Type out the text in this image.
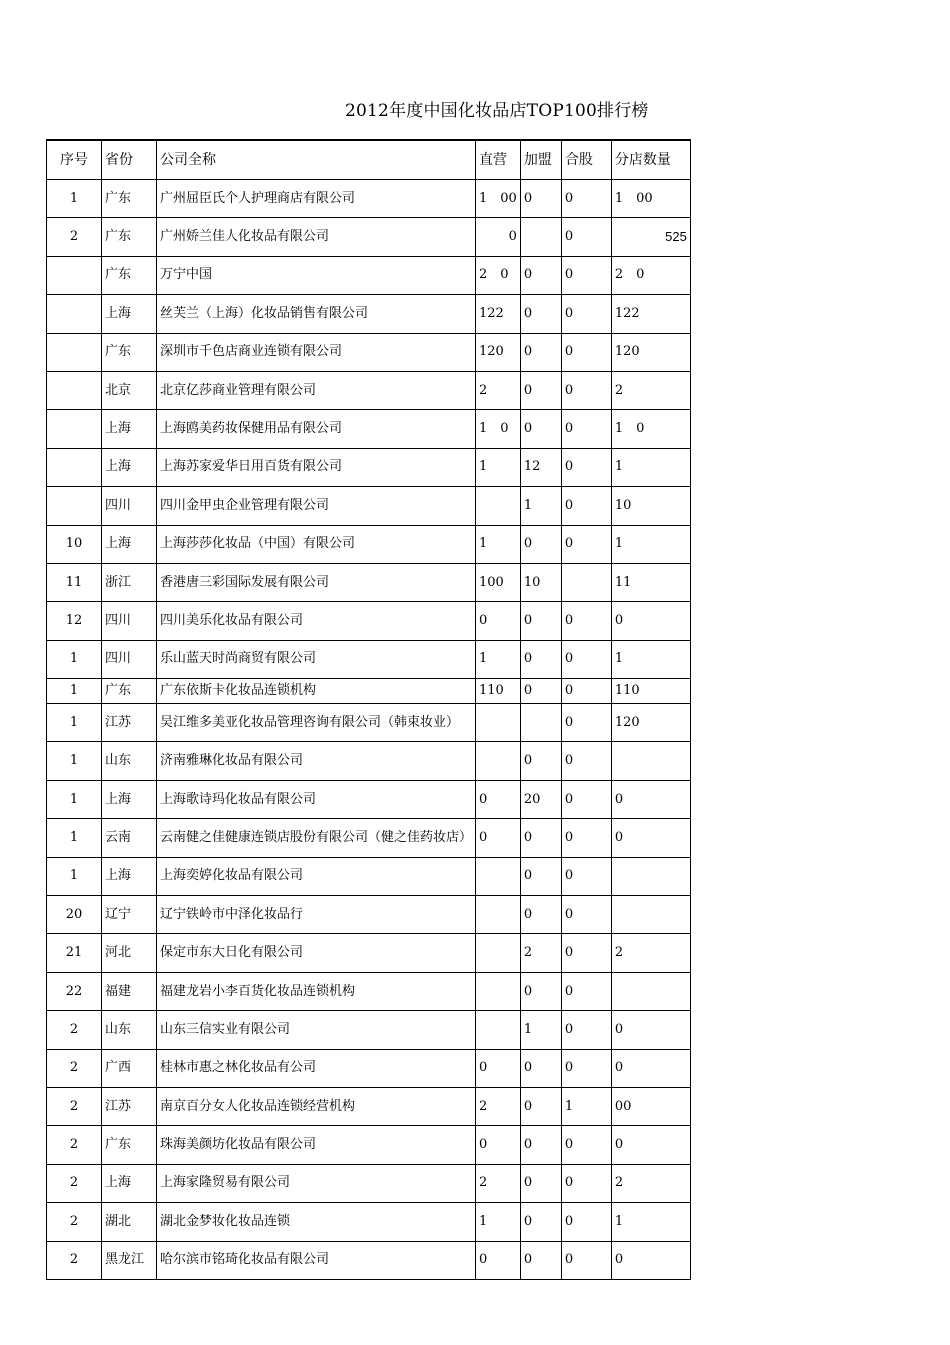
2012年度中国化妆品店TOP100排行榜
序号	省份	公司全称	直营	加盟	合股	分店数量
1	广东	广州屈臣氏个人护理商店有限公司	1　00	0	0	1　00
2	广东	广州娇兰佳人化妆品有限公司	0		0	525
	广东	万宁中国	2　0	0	0	2　0
	上海	丝芙兰（上海）化妆品销售有限公司	122	0	0	122
	广东	深圳市千色店商业连锁有限公司	120	0	0	120
	北京	北京亿莎商业管理有限公司	2	0	0	2
	上海	上海鸥美药妆保健用品有限公司	1　0	0	0	1　0
	上海	上海苏家爱华日用百货有限公司	1	12	0	1
	四川	四川金甲虫企业管理有限公司		1	0	10
10	上海	上海莎莎化妆品（中国）有限公司	1	0	0	1
11	浙江	香港唐三彩国际发展有限公司	100	10		11
12	四川	四川美乐化妆品有限公司	0	0	0	0
1	四川	乐山蓝天时尚商贸有限公司	1	0	0	1
1	广东	广东依斯卡化妆品连锁机构	110	0	0	110
1	江苏	吴江维多美亚化妆品管理咨询有限公司（韩束妆业）			0	120
1	山东	济南雅琳化妆品有限公司		0	0	
1	上海	上海歌诗玛化妆品有限公司	0	20	0	0
1	云南	云南健之佳健康连锁店股份有限公司（健之佳药妆店）	0	0	0	0
1	上海	上海奕婷化妆品有限公司		0	0	
20	辽宁	辽宁铁岭市中泽化妆品行		0	0	
21	河北	保定市东大日化有限公司		2	0	2
22	福建	福建龙岩小李百货化妆品连锁机构		0	0	
2	山东	山东三信实业有限公司		1	0	0
2	广西	桂林市惠之林化妆品有公司	0	0	0	0
2	江苏	南京百分女人化妆品连锁经营机构	2	0	1	00
2	广东	珠海美颜坊化妆品有限公司	0	0	0	0
2	上海	上海家隆贸易有限公司	2	0	0	2
2	湖北	湖北金梦妆化妆品连锁	1	0	0	1
2	黑龙江	哈尔滨市铭琦化妆品有限公司	0	0	0	0
